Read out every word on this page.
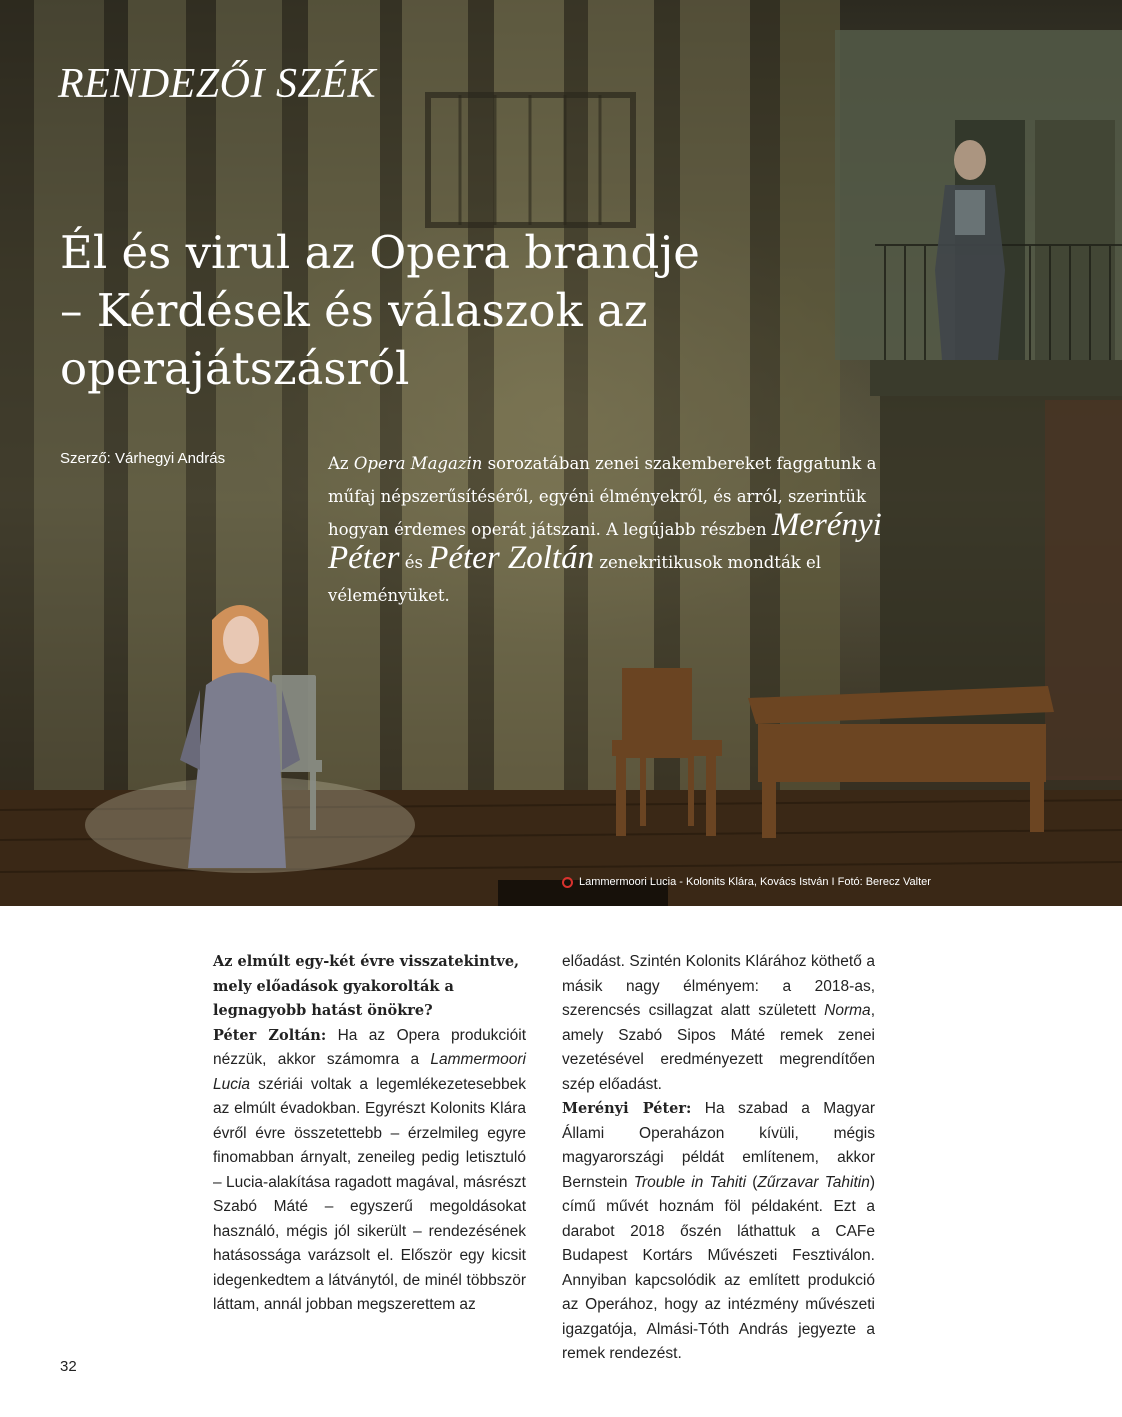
RENDEZŐI SZÉK
Él és virul az Opera brandje
– Kérdések és válaszok az
operajátszásról
Szerző: Várhegyi András	Az Opera Magazin sorozatában zenei szakembereket faggatunk a műfaj népszerűsítéséről, egyéni élményekről, és arról, szerintük hogyan érdemes operát játszani. A legújabb részben Merényi Péter és Péter Zoltán zenekritikusok mondták el véleményüket.

Lammermoori Lucia - Kolonits Klára, Kovács István I Fotó: Berecz Valter

Az elmúlt egy-két évre visszatekintve, mely előadások gyakorolták a legnagyobb hatást önökre?

Péter Zoltán: Ha az Opera produkcióit nézzük, akkor számomra a Lammermoori Lucia szériái voltak a legemlékezetesebbek az elmúlt évadokban. Egyrészt Kolonits Klára évről évre összetettebb – érzelmileg egyre finomabban árnyalt, zeneileg pedig letisztuló – Lucia-alakítása ragadott magával, másrészt Szabó Máté – egyszerű megoldásokat használó, mégis jól sikerült – rendezésének hatásossága varázsolt el. Először egy kicsit idegenkedtem a látványtól, de minél többször láttam, annál jobban megszerettem az

előadást. Szintén Kolonits Klárához köthető a másik nagy élményem: a 2018-as, szerencsés csillagzat alatt született Norma, amely Szabó Sipos Máté remek zenei vezetésével eredményezett megrendítően szép előadást.

Merényi Péter: Ha szabad a Magyar Állami Operaházon kívüli, mégis magyarországi példát említenem, akkor Bernstein Trouble in Tahiti (Zűrzavar Tahitin) című művét hoznám föl példaként. Ezt a darabot 2018 őszén láthattuk a CAFe Budapest Kortárs Művészeti Fesztiválon. Annyiban kapcsolódik az említett produkció az Operához, hogy az intézmény művészeti igazgatója, Almási-Tóth András jegyezte a remek rendezést.

32
